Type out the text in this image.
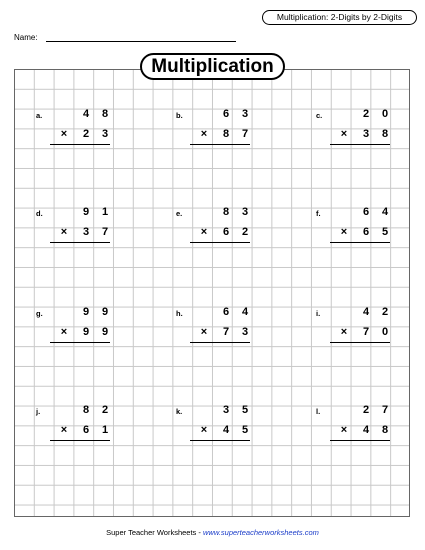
Multiplication: 2-Digits by 2-Digits
Name:
Multiplication
a.	4 8
× 2 3
b.	6 3
× 8 7
c.	2 0
× 3 8
d.	9 1
× 3 7
e.	8 3
× 6 2
f.	6 4
× 6 5
g.	9 9
× 9 9
h.	6 4
× 7 3
i.	4 2
× 7 0
j.	8 2
× 6 1
k.	3 5
× 4 5
l.	2 7
× 4 8
Super Teacher Worksheets - www.superteacherworksheets.com
